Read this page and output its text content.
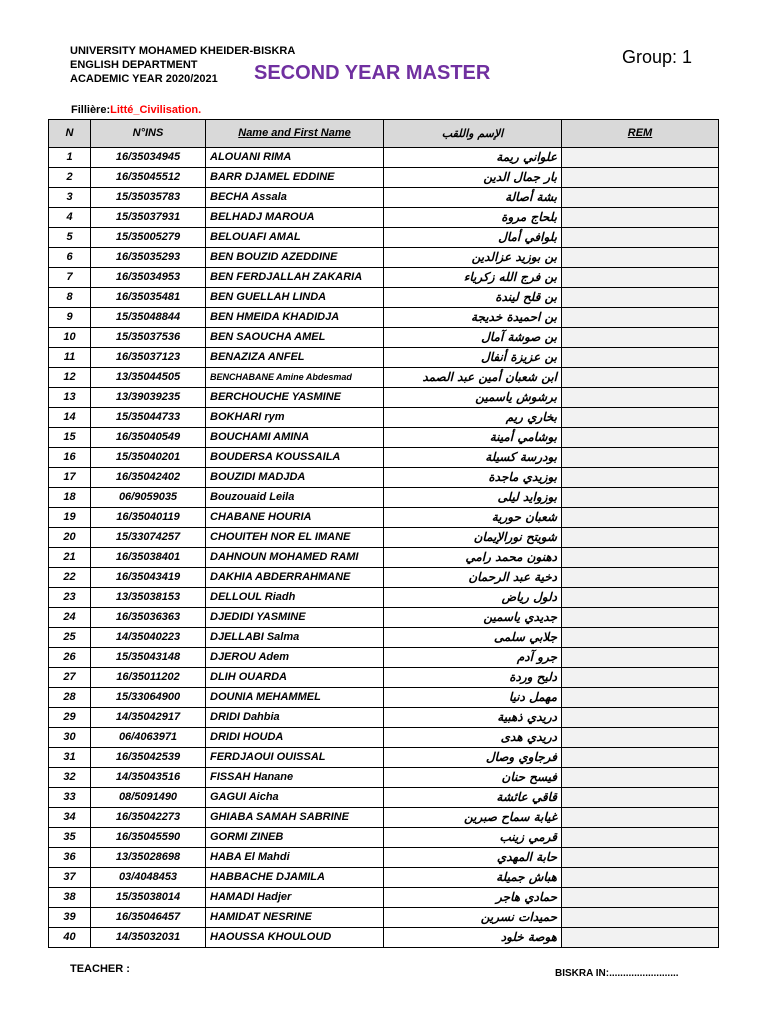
UNIVERSITY MOHAMED KHEIDER-BISKRA
ENGLISH DEPARTMENT
ACADEMIC YEAR 2020/2021	SECOND YEAR MASTER
Group: 1
Fillière:Litté_Civilisation.
N	N°INS	Name and First Name	الإسم واللقب	REM
1	16/35034945	ALOUANI RIMA	علواني ريمة	
2	16/35045512	BARR DJAMEL EDDINE	بار جمال الدين	
3	15/35035783	BECHA Assala	بشة أصالة	
4	15/35037931	BELHADJ MAROUA	بلحاج مروة	
5	15/35005279	BELOUAFI AMAL	بلوافي أمال	
6	16/35035293	BEN BOUZID AZEDDINE	بن بوزيد عزالدين	
7	16/35034953	BEN FERDJALLAH ZAKARIA	بن فرج الله زكرياء	
8	16/35035481	BEN GUELLAH LINDA	بن قلح ليندة	
9	15/35048844	BEN HMEIDA KHADIDJA	بن احميدة خديجة	
10	15/35037536	BEN SAOUCHA AMEL	بن صوشة آمال	
11	16/35037123	BENAZIZA ANFEL	بن عزيزة أنفال	
12	13/35044505	BENCHABANE Amine Abdesmad	ابن شعبان أمين عبد الصمد	
13	13/39039235	BERCHOUCHE YASMINE	برشوش ياسمين	
14	15/35044733	BOKHARI rym	بخاري ريم	
15	16/35040549	BOUCHAMI AMINA	بوشامي أمينة	
16	15/35040201	BOUDERSA KOUSSAILA	بودرسة كسيلة	
17	16/35042402	BOUZIDI MADJDA	بوزيدي ماجدة	
18	06/9059035	Bouzouaid Leila	بوزوايد ليلى	
19	16/35040119	CHABANE HOURIA	شعبان حورية	
20	15/33074257	CHOUITEH NOR EL IMANE	شويتح نورالإيمان	
21	16/35038401	DAHNOUN MOHAMED RAMI	دهنون محمد رامي	
22	16/35043419	DAKHIA ABDERRAHMANE	دخية عبد الرحمان	
23	13/35038153	DELLOUL Riadh	دلول رياض	
24	16/35036363	DJEDIDI YASMINE	جديدي ياسمين	
25	14/35040223	DJELLABI Salma	جلابي سلمى	
26	15/35043148	DJEROU Adem	جرو آدم	
27	16/35011202	DLIH OUARDA	دليح وردة	
28	15/33064900	DOUNIA MEHAMMEL	مهمل دنيا	
29	14/35042917	DRIDI Dahbia	دريدي ذهبية	
30	06/4063971	DRIDI HOUDA	دريدي هدى	
31	16/35042539	FERDJAOUI OUISSAL	فرجاوي وصال	
32	14/35043516	FISSAH Hanane	فيسح حنان	
33	08/5091490	GAGUI Aicha	قاقي عائشة	
34	16/35042273	GHIABA SAMAH SABRINE	غيابة سماح صبرين	
35	16/35045590	GORMI ZINEB	قرمي زينب	
36	13/35028698	HABA El Mahdi	حابة المهدي	
37	03/4048453	HABBACHE DJAMILA	هباش جميلة	
38	15/35038014	HAMADI Hadjer	حمادي هاجر	
39	16/35046457	HAMIDAT NESRINE	حميدات نسرين	
40	14/35032031	HAOUSSA KHOULOUD	هوصة خلود	
TEACHER :	BISKRA IN:.........................
